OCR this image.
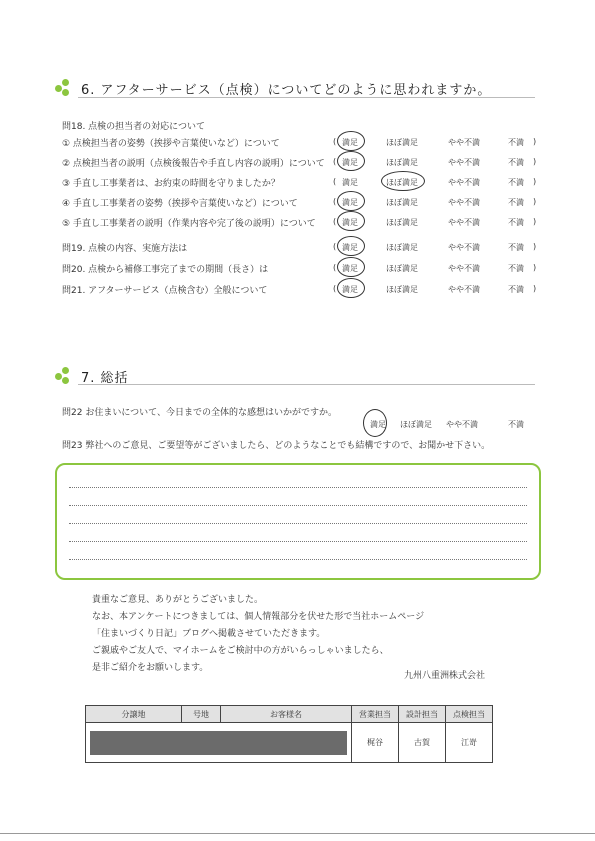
6. アフターサービス（点検）についてどのように思われますか。
問18. 点検の担当者の対応について
① 点検担当者の姿勢（挨拶や言葉使いなど）について	( 満足	ほぼ満足	やや不満	不満 )
② 点検担当者の説明（点検後報告や手直し内容の説明）について ( 満足	ほぼ満足	やや不満	不満 )
③ 手直し工事業者は、お約束の時間を守りましたか？	( 満足	ほぼ満足	やや不満	不満 )
④ 手直し工事業者の姿勢（挨拶や言葉使いなど）について	( 満足	ほぼ満足	やや不満	不満 )
⑤ 手直し工事業者の説明（作業内容や完了後の説明）について ( 満足	ほぼ満足	やや不満	不満 )
問19. 点検の内容、実施方法は	( 満足	ほぼ満足	やや不満	不満 )
問20. 点検から補修工事完了までの期間（長さ）は	( 満足	ほぼ満足	やや不満	不満 )
問21. アフターサービス（点検含む）全般について	( 満足	ほぼ満足	やや不満	不満 )
7. 総括
問22 お住まいについて、今日までの全体的な感想はいかがですか。
満足 ほぼ満足 やや不満	不満
問23 弊社へのご意見、ご要望等がございましたら、どのようなことでも結構ですので、お聞かせ下さい。
貴重なご意見、ありがとうございました。
なお、本アンケートにつきましては、個人情報部分を伏せた形で当社ホームページ
「住まいづくり日記」ブログへ掲載させていただきます。
ご親戚やご友人で、マイホームをご検討中の方がいらっしゃいましたら、
是非ご紹介をお願いします。
九州八重洲株式会社
分譲地	号地	お客様名	営業担当	設計担当	点検担当

			梶谷	古賀	江嵜
